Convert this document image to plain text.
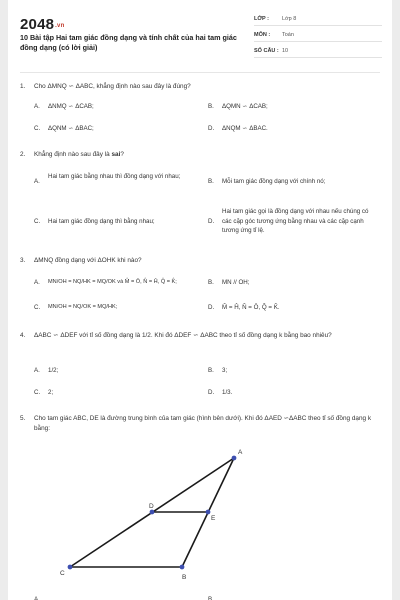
2048.vn
10 Bài tập Hai tam giác đồng dạng và tính chất của hai tam giác đồng dạng (có lời giải)
LỚP : Lớp 8
MÔN : Toán
SỐ CÂU : 10
1. Cho ΔMNQ ∽ ΔABC, khẳng định nào sau đây là đúng?
A. ΔNMQ ∽ ΔCAB;	B. ΔQMN ∽ ΔCAB;
C. ΔQNM ∽ ΔBAC;	D. ΔNQM ∽ ΔBAC.
2. Khẳng định nào sau đây là sai?
A.
Hai tam giác bằng nhau thì đồng dạng với nhau;
B. Mỗi tam giác đồng dạng với chính nó;
C. Hai tam giác đồng dạng thì bằng nhau;	D.
Hai tam giác gọi là đồng dạng với nhau nếu chúng có các cặp góc tương ứng bằng nhau và các cặp cạnh tương ứng tỉ lệ.
3. ΔMNQ đồng dạng với ΔOHK khi nào?
A. MN/OH = NQ/HK = MQ/OK và M̂ = Ô, N̂ = Ĥ, Q̂ = K̂;	B. MN // OH;
C. MN/OH = NQ/OK = MQ/HK;	D. M̂ = Ĥ, N̂ = Ô, Q̂ = K̂.
4. ΔABC ∽ ΔDEF với tỉ số đồng dạng là 1/2. Khi đó ΔDEF ∽ ΔABC theo tỉ số đồng dạng k bằng bao nhiêu?
A. 1/2;	B. 3;
C. 2;	D. 1/3.
5. Cho tam giác ABC, DE là đường trung bình của tam giác (hình bên dưới). Khi đó ΔAED ∽ΔABC theo tỉ số đồng dạng k bằng:
A
B
C
D
E
A.	B.
